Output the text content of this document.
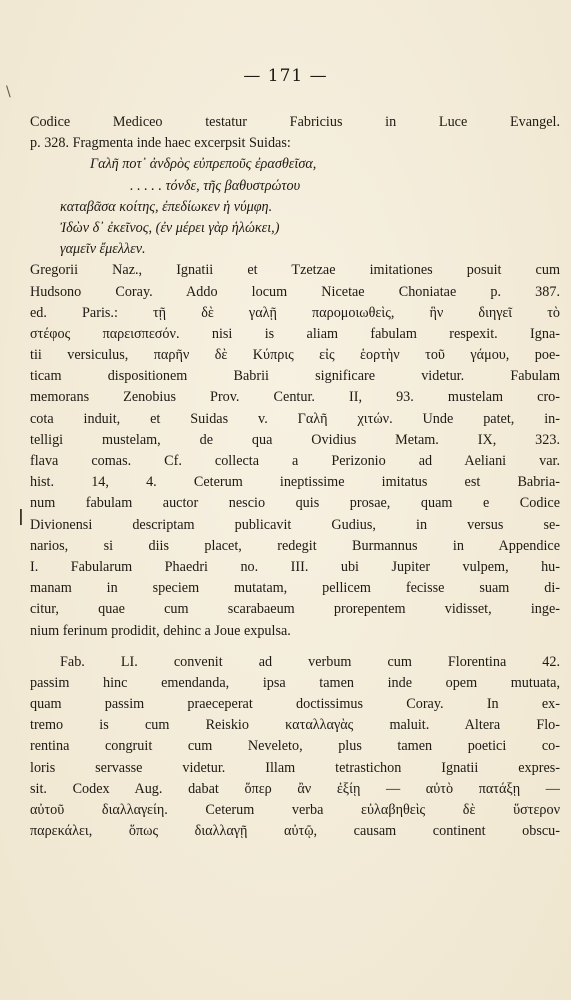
\
— 171 —
|
Codice Mediceo testatur Fabricius in Luce Evangel.
p. 328. Fragmenta inde haec excerpsit Suidas:
Γαλῆ ποτ᾿ ἀνδρὸς εὐπρεποῦς ἐρασθεῖσα,
. . . . . τόνδε, τῆς βαθυστρώτου
καταβᾶσα κοίτης, ἐπεδίωκεν ἡ νύμφη.
Ἰδὼν δ᾿ ἐκεῖνος, (ἐν μέρει γὰρ ἡλώκει,)
γαμεῖν ἔμελλεν.
Gregorii Naz., Ignatii et Tzetzae imitationes posuit cum
Hudsono Coray. Addo locum Nicetae Choniatae p. 387.
ed. Paris.: τῇ δὲ γαλῇ παρομοιωθεὶς, ἣν διηγεῖ τὸ
στέφος παρεισπεσόν. nisi is aliam fabulam respexit. Igna-
tii versiculus, παρῆν δὲ Κύπρις εἰς ἑορτὴν τοῦ γάμου, poe-
ticam dispositionem Babrii significare videtur. Fabulam
memorans Zenobius Prov. Centur. II, 93. mustelam cro-
cota induit, et Suidas v. Γαλῆ χιτών. Unde patet, in-
telligi mustelam, de qua Ovidius Metam. IX, 323.
flava comas. Cf. collecta a Perizonio ad Aeliani var.
hist. 14, 4. Ceterum ineptissime imitatus est Babria-
num fabulam auctor nescio quis prosae, quam e Codice
Divionensi descriptam publicavit Gudius, in versus se-
narios, si diis placet, redegit Burmannus in Appendice
I. Fabularum Phaedri no. III. ubi Jupiter vulpem, hu-
manam in speciem mutatam, pellicem fecisse suam di-
citur, quae cum scarabaeum prorepentem vidisset, inge-
nium ferinum prodidit, dehinc a Joue expulsa.
Fab. LI. convenit ad verbum cum Florentina 42.
passim hinc emendanda, ipsa tamen inde opem mutuata,
quam passim praeceperat doctissimus Coray. In ex-
tremo is cum Reiskio καταλλαγὰς maluit. Altera Flo-
rentina congruit cum Neveleto, plus tamen poetici co-
loris servasse videtur. Illam tetrastichon Ignatii expres-
sit. Codex Aug. dabat ὅπερ ἂν ἐξίῃ — αὐτὸ πατάξῃ —
αὐτοῦ διαλλαγείη. Ceterum verba εὐλαβηθεὶς δὲ ὕστερον
παρεκάλει, ὅπως διαλλαγῇ αὐτῷ, causam continent obscu-
